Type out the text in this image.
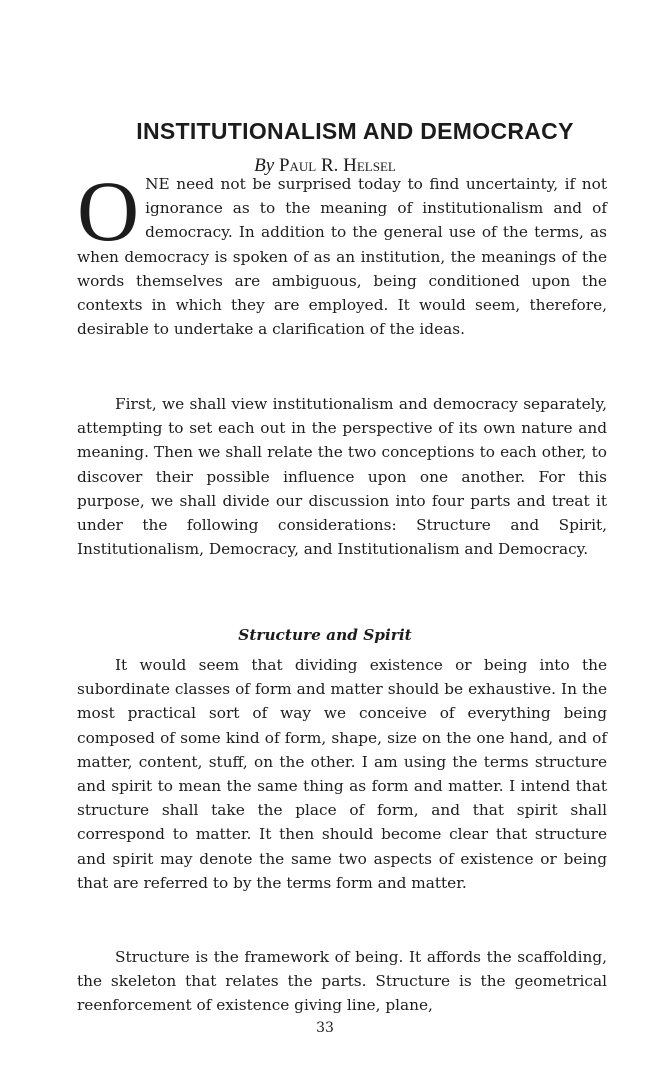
INSTITUTIONALISM AND DEMOCRACY

By Paul R. Helsel

O NE need not be surprised today to find uncertainty, if not ignorance as to the meaning of institutionalism and of democracy. In addition to the general use of the terms, as when democracy is spoken of as an institution, the meanings of the words themselves are ambiguous, being conditioned upon the contexts in which they are employed. It would seem, therefore, desirable to undertake a clarification of the ideas.

First, we shall view institutionalism and democracy separately, attempting to set each out in the perspective of its own nature and meaning. Then we shall relate the two conceptions to each other, to discover their possible influence upon one another. For this purpose, we shall divide our discussion into four parts and treat it under the following considerations: Structure and Spirit, Institutionalism, Democracy, and Institutionalism and Democracy.

Structure and Spirit

It would seem that dividing existence or being into the subordinate classes of form and matter should be exhaustive. In the most practical sort of way we conceive of everything being composed of some kind of form, shape, size on the one hand, and of matter, content, stuff, on the other. I am using the terms structure and spirit to mean the same thing as form and matter. I intend that structure shall take the place of form, and that spirit shall correspond to matter. It then should become clear that structure and spirit may denote the same two aspects of existence or being that are referred to by the terms form and matter.

Structure is the framework of being. It affords the scaffolding, the skeleton that relates the parts. Structure is the geometrical reenforcement of existence giving line, plane,

33
